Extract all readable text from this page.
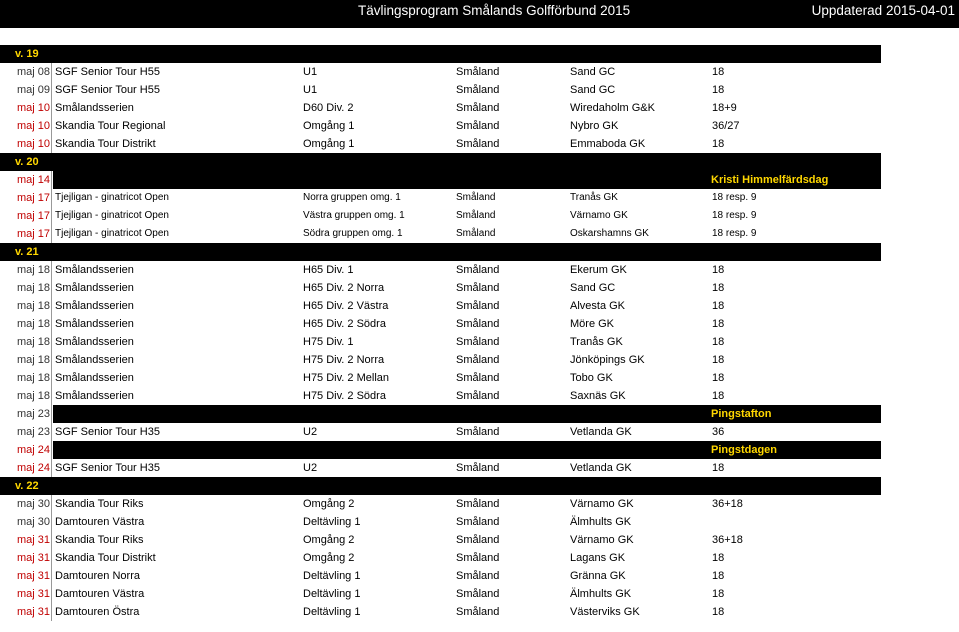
Tävlingsprogram Smålands Golfförbund 2015	Uppdaterad 2015-04-01
v. 19
maj 08 SGF Senior Tour H55	U1	Småland	Sand GC	18
maj 09 SGF Senior Tour H55	U1	Småland	Sand GC	18
maj 10 Smålandsserien	D60 Div. 2	Småland	Wiredaholm G&K	18+9
maj 10 Skandia Tour Regional	Omgång 1	Småland	Nybro GK	36/27
maj 10 Skandia Tour Distrikt	Omgång 1	Småland	Emmaboda GK	18
v. 20
maj 14	Kristi Himmelfärdsdag
maj 17 Tjejligan - ginatricot Open	Norra gruppen omg. 1	Småland	Tranås GK	18 resp. 9
maj 17 Tjejligan - ginatricot Open	Västra gruppen omg. 1	Småland	Värnamo GK	18 resp. 9
maj 17 Tjejligan - ginatricot Open	Södra gruppen omg. 1	Småland	Oskarshamns GK	18 resp. 9
v. 21
maj 18 Smålandsserien	H65 Div. 1	Småland	Ekerum GK	18
maj 18 Smålandsserien	H65 Div. 2 Norra	Småland	Sand GC	18
maj 18 Smålandsserien	H65 Div. 2 Västra	Småland	Alvesta GK	18
maj 18 Smålandsserien	H65 Div. 2 Södra	Småland	Möre GK	18
maj 18 Smålandsserien	H75 Div. 1	Småland	Tranås GK	18
maj 18 Smålandsserien	H75 Div. 2 Norra	Småland	Jönköpings GK	18
maj 18 Smålandsserien	H75 Div. 2 Mellan	Småland	Tobo GK	18
maj 18 Smålandsserien	H75 Div. 2 Södra	Småland	Saxnäs GK	18
maj 23	Pingstafton
maj 23 SGF Senior Tour H35	U2	Småland	Vetlanda GK	36
maj 24	Pingstdagen
maj 24 SGF Senior Tour H35	U2	Småland	Vetlanda GK	18
v. 22
maj 30 Skandia Tour Riks	Omgång 2	Småland	Värnamo GK	36+18
maj 30 Damtouren Västra	Deltävling 1	Småland	Älmhults GK
maj 31 Skandia Tour Riks	Omgång 2	Småland	Värnamo GK	36+18
maj 31 Skandia Tour Distrikt	Omgång 2	Småland	Lagans GK	18
maj 31 Damtouren Norra	Deltävling 1	Småland	Gränna GK	18
maj 31 Damtouren Västra	Deltävling 1	Småland	Älmhults GK	18
maj 31 Damtouren Östra	Deltävling 1	Småland	Västerviks GK	18
